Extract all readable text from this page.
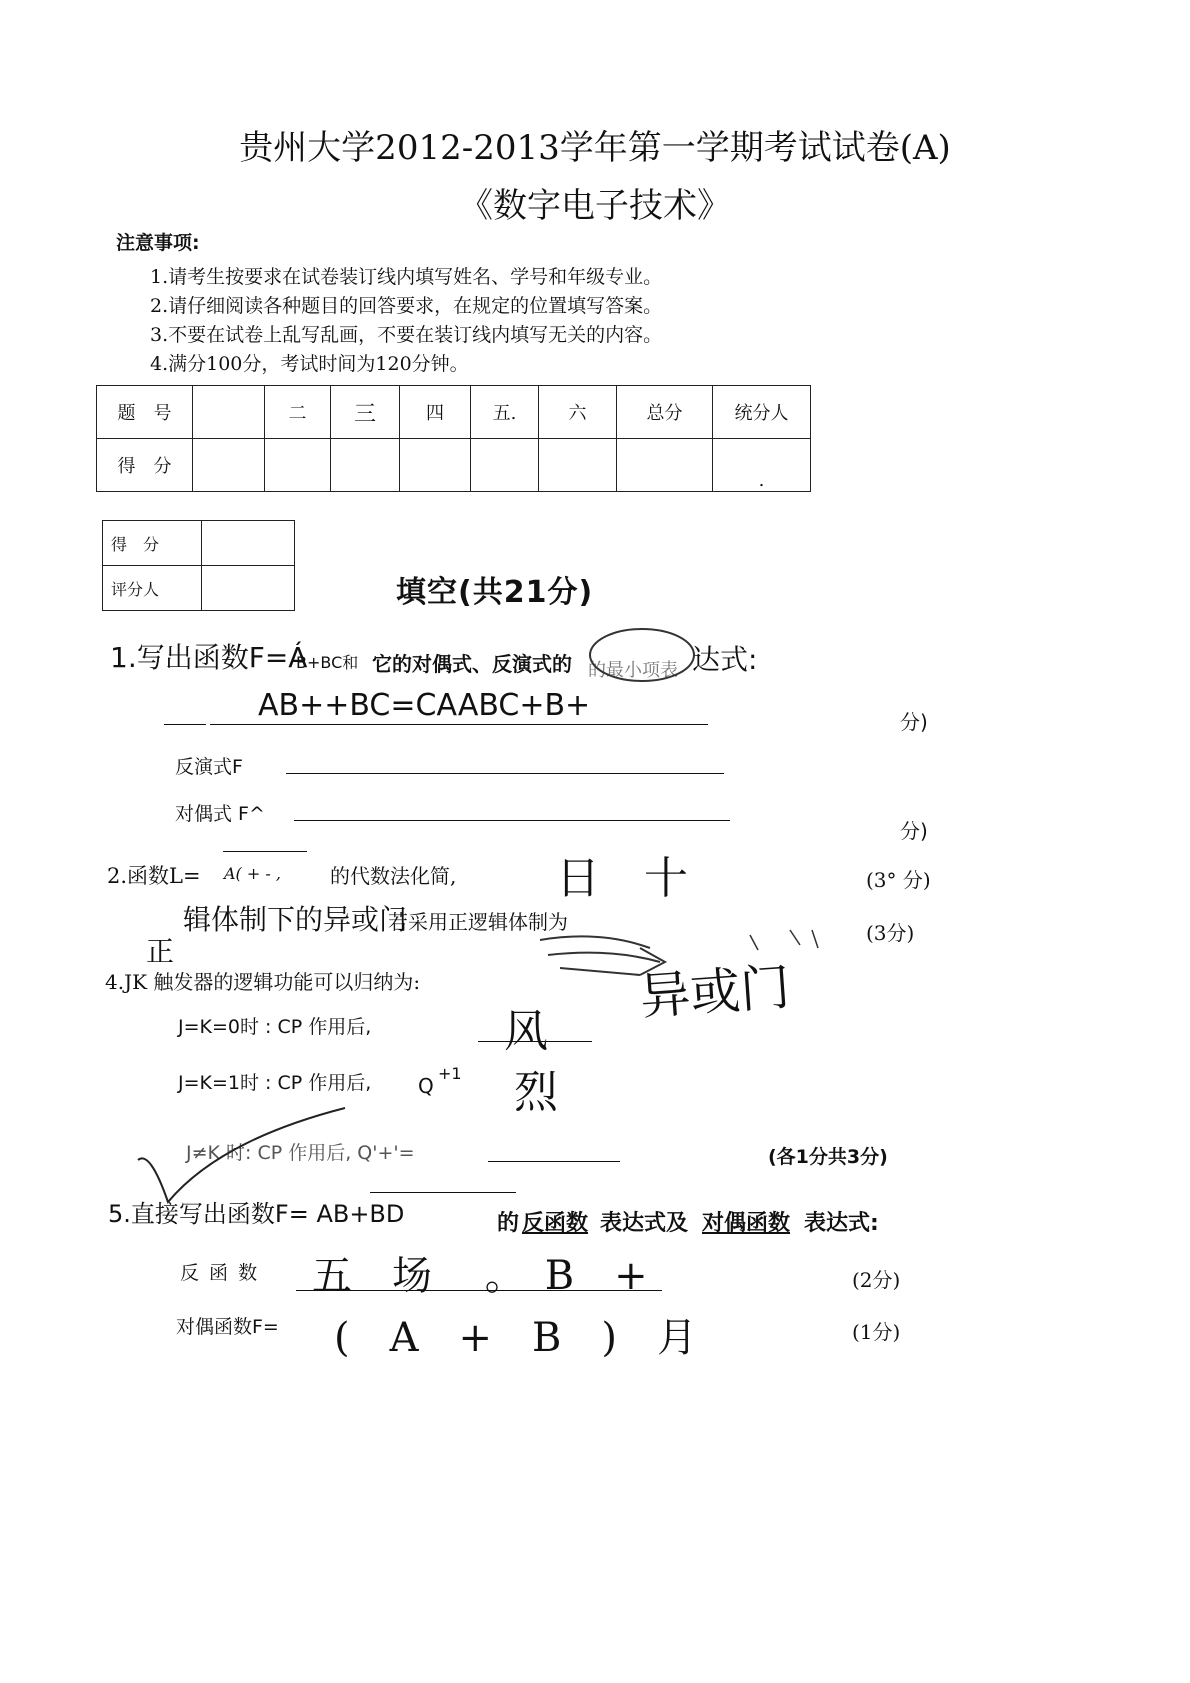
贵州大学2012-2013学年第一学期考试试卷(A)
《数字电子技术》
注意事项:
1.请考生按要求在试卷装订线内填写姓名、学号和年级专业。
2.请仔细阅读各种题目的回答要求，在规定的位置填写答案。
3.不要在试卷上乱写乱画，不要在装订线内填写无关的内容。
4.满分100分，考试时间为120分钟。
题　号		二	三	四	五.	六	总分	统分人
得　分								.
得　分	
评分人		填空(共21分)
1.写出函数F=Á
B+BC和 它的对偶式、反演式的 的最小项表 达式:
AB++BC=CAABC+B+	分)
反演式F
对偶式 F^
分)
2.函数L= A( + - , 的代数法化简, 日　十	(3° 分)
辑体制下的异或门
若采用正逻辑体制为	(3分)
正
异或门
4.JK 触发器的逻辑功能可以归纳为:
J=K=0时 : CP 作用后,	风
J=K=1时 : CP 作用后, Q
+1 烈
J≠K 时: CP 作用后, Q'+'=	(各1分共3分)
5.直接写出函数F= AB+BD	的 反函数 表达式及 对偶函数 表达式:
反 函 数 五　场　 。　B　+	(2分)
对偶函数F= (　A　+　B　)　月	(1分)
